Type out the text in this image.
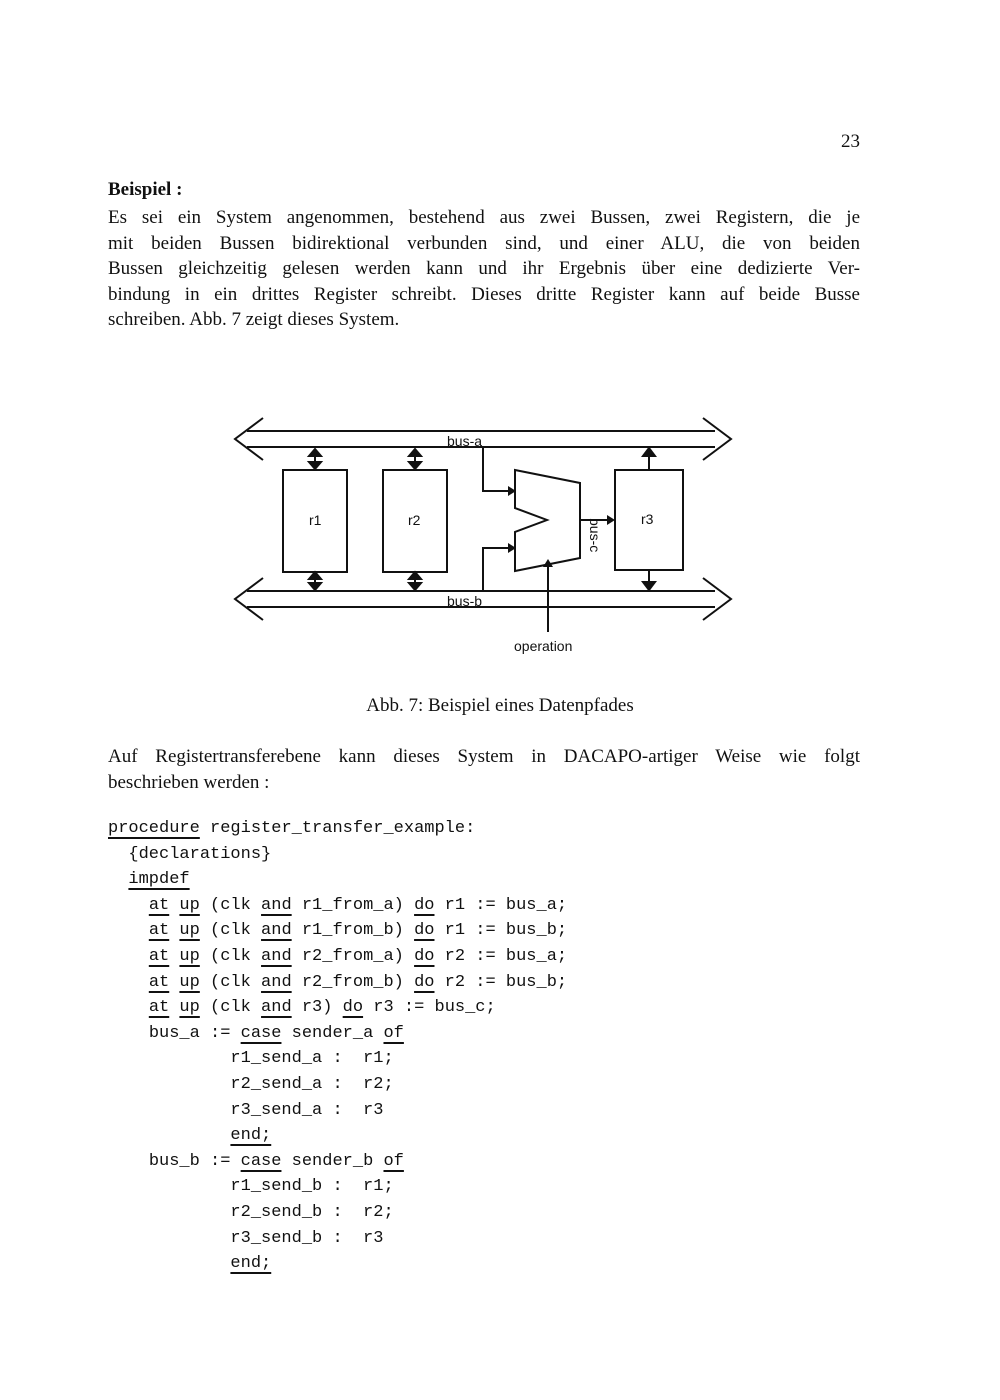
23
Beispiel :
Es sei ein System angenommen, bestehend aus zwei Bussen, zwei Registern, die je
mit beiden Bussen bidirektional verbunden sind, und einer ALU, die von beiden
Bussen gleichzeitig gelesen werden kann und ihr Ergebnis über eine dedizierte Ver-
bindung in ein drittes Register schreibt. Dieses dritte Register kann auf beide Busse
schreiben. Abb. 7 zeigt dieses System.
bus-a
bus-b
r1	r2	r3
bus-c
operation
Abb. 7: Beispiel eines Datenpfades
Auf Registertransferebene kann dieses System in DACAPO-artiger Weise wie folgt
beschrieben werden :
procedure register_transfer_example:
{declarations}
impdef
at up (clk and r1_from_a) do r1 := bus_a;
at up (clk and r1_from_b) do r1 := bus_b;
at up (clk and r2_from_a) do r2 := bus_a;
at up (clk and r2_from_b) do r2 := bus_b;
at up (clk and r3) do r3 := bus_c;
bus_a := case sender_a of
r1_send_a :  r1;
r2_send_a :  r2;
r3_send_a :  r3
end;
bus_b := case sender_b of
r1_send_b :  r1;
r2_send_b :  r2;
r3_send_b :  r3
end;
